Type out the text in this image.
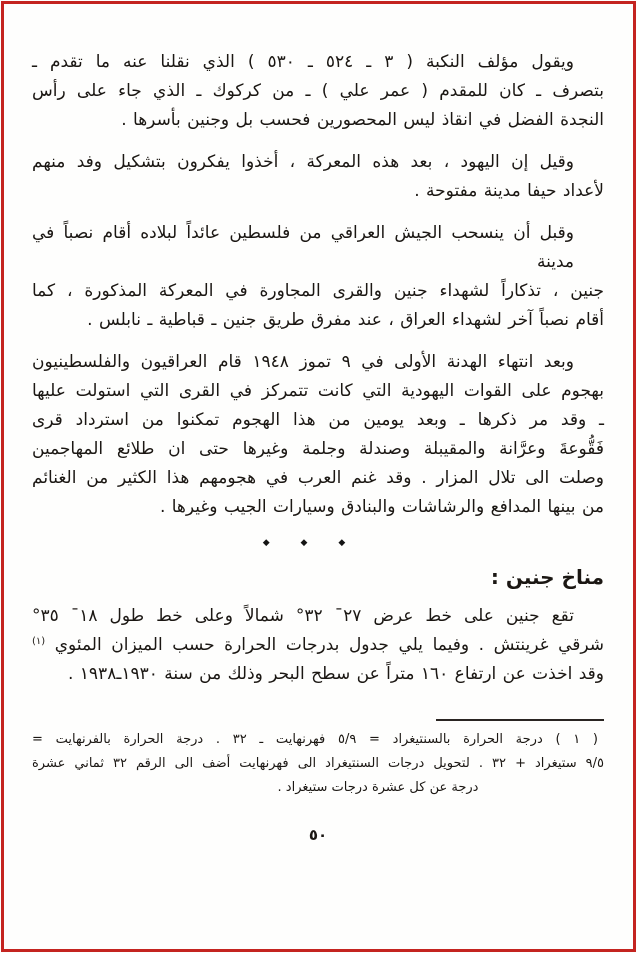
ويقول مؤلف النكبة ( ٣ ـ ٥٢٤ ـ ٥٣٠ ) الذي نقلنا عنه ما تقدم ـ
بتصرف ـ كان للمقدم ( عمر علي ) ـ من كركوك ـ الذي جاء على رأس
النجدة الفضل في انقاذ ليس المحصورين فحسب بل وجنين بأسرها .

وقيل إن اليهود ، بعد هذه المعركة ، أخذوا يفكرون بتشكيل وفد منهم
لأعداد حيفا مدينة مفتوحة .

وقبل أن ينسحب الجيش العراقي من فلسطين عائداً لبلاده أقام نصباً في مدينة
جنين ، تذكاراً لشهداء جنين والقرى المجاورة في المعركة المذكورة ، كما
أقام نصباً آخر لشهداء العراق ، عند مفرق طريق جنين ـ قباطية ـ نابلس .

وبعد انتهاء الهدنة الأولى في ٩ تموز ١٩٤٨ قام العراقيون والفلسطينيون
بهجوم على القوات اليهودية التي كانت تتمركز في القرى التي استولت عليها
ـ وقد مر ذكرها ـ وبعد يومين من هذا الهجوم تمكنوا من استرداد قرى
فَقُّوعةَ وعرَّانة والمقيبلة وصندلة وجلمة وغيرها حتى ان طلائع المهاجمين
وصلت الى تلال المزار . وقد غنم العرب في هجومهم هذا الكثير من الغنائم
من بينها المدافع والرشاشات والبنادق وسيارات الجيب وغيرها .

◆ ◆ ◆
مناخ جنين :

تقع جنين على خط عرض ٢٧¯ ٣٢° شمالاً وعلى خط طول ١٨¯ ٣٥°
شرقي غرينتش . وفيما يلي جدول بدرجات الحرارة حسب الميزان المئوي $^{(١)}$
وقد اخذت عن ارتفاع ١٦٠ متراً عن سطح البحر وذلك من سنة ١٩٣٠ـ١٩٣٨ .

( ١ ) درجة الحرارة بالسنتيغراد = ٥/٩ فهرنهايت ـ ٣٢ . درجة الحرارة بالفرنهايت =
٩/٥ ستيغراد + ٣٢ . لتحويل درجات السنتيغراد الى فهرنهايت أضف الى الرقم ٣٢ ثماني عشرة
درجة عن كل عشرة درجات ستيغراد .
٥٠
